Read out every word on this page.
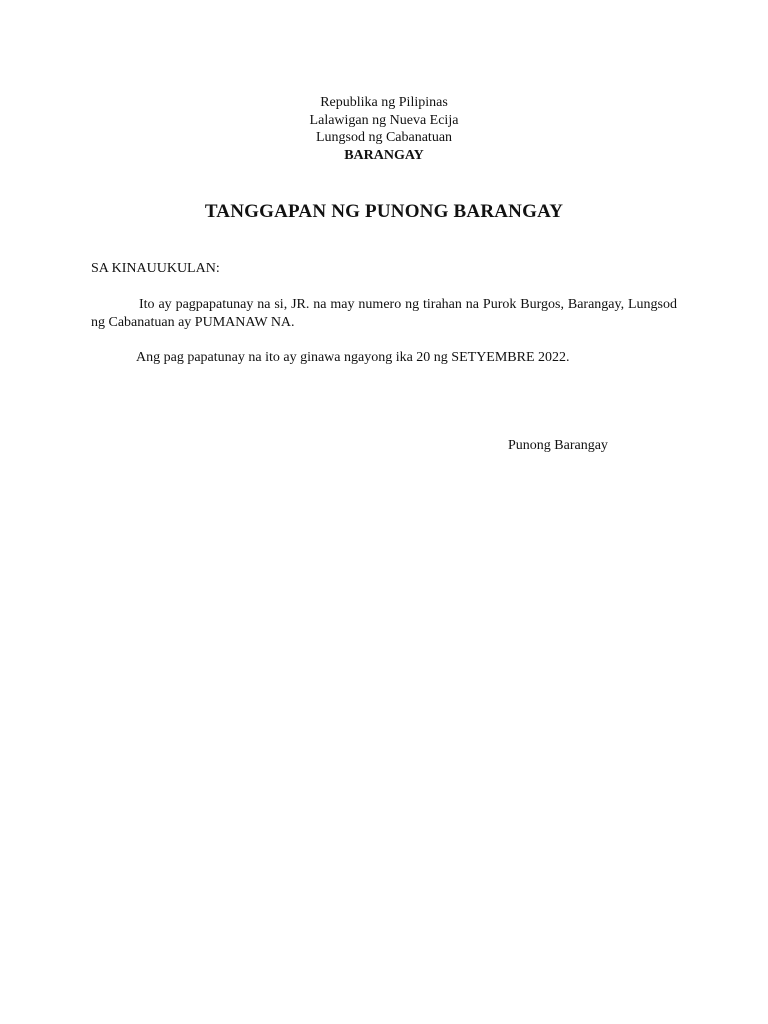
Republika ng Pilipinas
Lalawigan ng Nueva Ecija
Lungsod ng Cabanatuan
BARANGAY
TANGGAPAN NG PUNONG BARANGAY
SA KINAUUKULAN:
Ito ay pagpapatunay na si, JR. na may numero ng tirahan na Purok Burgos, Barangay, Lungsod ng Cabanatuan ay PUMANAW NA.
Ang pag papatunay na ito ay ginawa ngayong ika 20 ng SETYEMBRE 2022.
Punong Barangay
